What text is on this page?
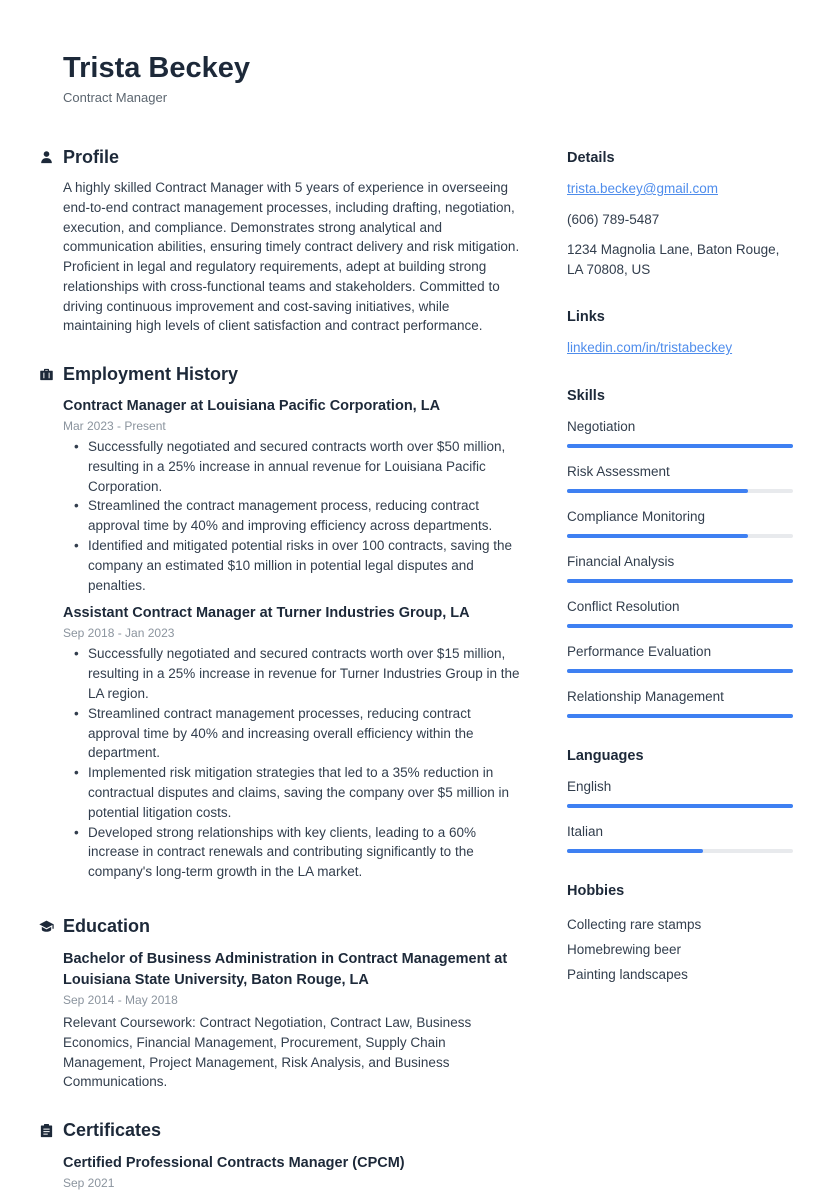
Trista Beckey
Contract Manager
Profile

A highly skilled Contract Manager with 5 years of experience in overseeing end-to-end contract management processes, including drafting, negotiation, execution, and compliance. Demonstrates strong analytical and communication abilities, ensuring timely contract delivery and risk mitigation. Proficient in legal and regulatory requirements, adept at building strong relationships with cross-functional teams and stakeholders. Committed to driving continuous improvement and cost-saving initiatives, while maintaining high levels of client satisfaction and contract performance.

Employment History
Contract Manager at Louisiana Pacific Corporation, LA
Mar 2023 - Present
• Successfully negotiated and secured contracts worth over $50 million, resulting in a 25% increase in annual revenue for Louisiana Pacific Corporation.
• Streamlined the contract management process, reducing contract approval time by 40% and improving efficiency across departments.
• Identified and mitigated potential risks in over 100 contracts, saving the company an estimated $10 million in potential legal disputes and penalties.
Assistant Contract Manager at Turner Industries Group, LA
Sep 2018 - Jan 2023
• Successfully negotiated and secured contracts worth over $15 million, resulting in a 25% increase in revenue for Turner Industries Group in the LA region.
• Streamlined contract management processes, reducing contract approval time by 40% and increasing overall efficiency within the department.
• Implemented risk mitigation strategies that led to a 35% reduction in contractual disputes and claims, saving the company over $5 million in potential litigation costs.
• Developed strong relationships with key clients, leading to a 60% increase in contract renewals and contributing significantly to the company's long-term growth in the LA market.
Education
Bachelor of Business Administration in Contract Management at Louisiana State University, Baton Rouge, LA
Sep 2014 - May 2018

Relevant Coursework: Contract Negotiation, Contract Law, Business Economics, Financial Management, Procurement, Supply Chain Management, Project Management, Risk Analysis, and Business Communications.

Certificates
Certified Professional Contracts Manager (CPCM)
Sep 2021
Details
trista.beckey@gmail.com
(606) 789-5487
1234 Magnolia Lane, Baton Rouge, LA 70808, US
Links
linkedin.com/in/tristabeckey
Skills
Negotiation
Risk Assessment
Compliance Monitoring
Financial Analysis
Conflict Resolution
Performance Evaluation
Relationship Management
Languages
English
Italian
Hobbies
Collecting rare stamps
Homebrewing beer
Painting landscapes
